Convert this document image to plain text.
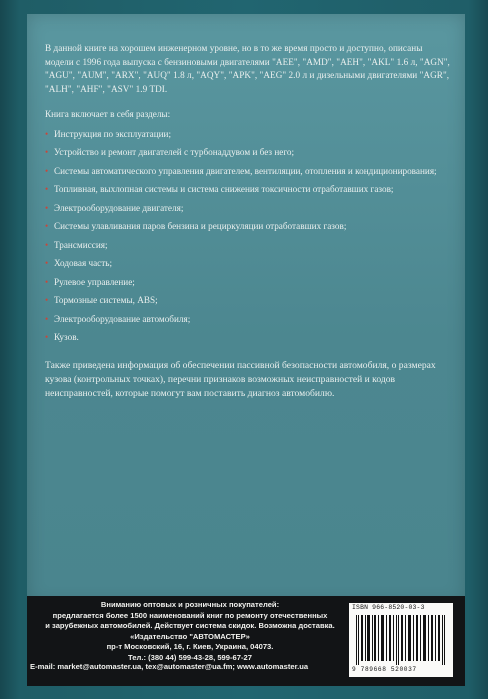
В данной книге на хорошем инженерном уровне, но в то же время просто и доступно, описаны модели с 1996 года выпуска с бензиновыми двигателями "AEE", "AMD", "AEH", "AKL" 1.6 л, "AGN", "AGU", "AUM", "ARX", "AUQ" 1.8 л, "AQY", "APK", "AEG" 2.0 л и дизельными двигателями "AGR", "ALH", "AHF", "ASV" 1.9 TDI.

Книга включает в себя разделы:

• Инструкция по эксплуатации;
• Устройство и ремонт двигателей с турбонаддувом и без него;
• Системы автоматического управления двигателем, вентиляции, отопления и кондиционирования;
• Топливная, выхлопная системы и система снижения токсичности отработавших газов;
• Электрооборудование двигателя;
• Системы улавливания паров бензина и рециркуляции отработавших газов;
• Трансмиссия;
• Ходовая часть;
• Рулевое управление;
• Тормозные системы, ABS;
• Электрооборудование автомобиля;
• Кузов.

Также приведена информация об обеспечении пассивной безопасности автомобиля, о размерах кузова (контрольных точках), перечни признаков возможных неисправностей и кодов неисправностей, которые помогут вам поставить диагноз автомобилю.

Вниманию оптовых и розничных покупателей:
предлагается более 1500 наименований книг по ремонту отечественных
и зарубежных автомобилей. Действует система скидок. Возможна доставка.
«Издательство "АВТОМАСТЕР»
пр-т Московский, 16, г. Киев, Украина, 04073.
Тел.: (380 44) 599-43-28, 599-67-27
E-mail: market@automaster.ua, tex@automaster@ua.fm; www.automaster.ua
ISBN 966-8520-03-3
9 789668 520037
